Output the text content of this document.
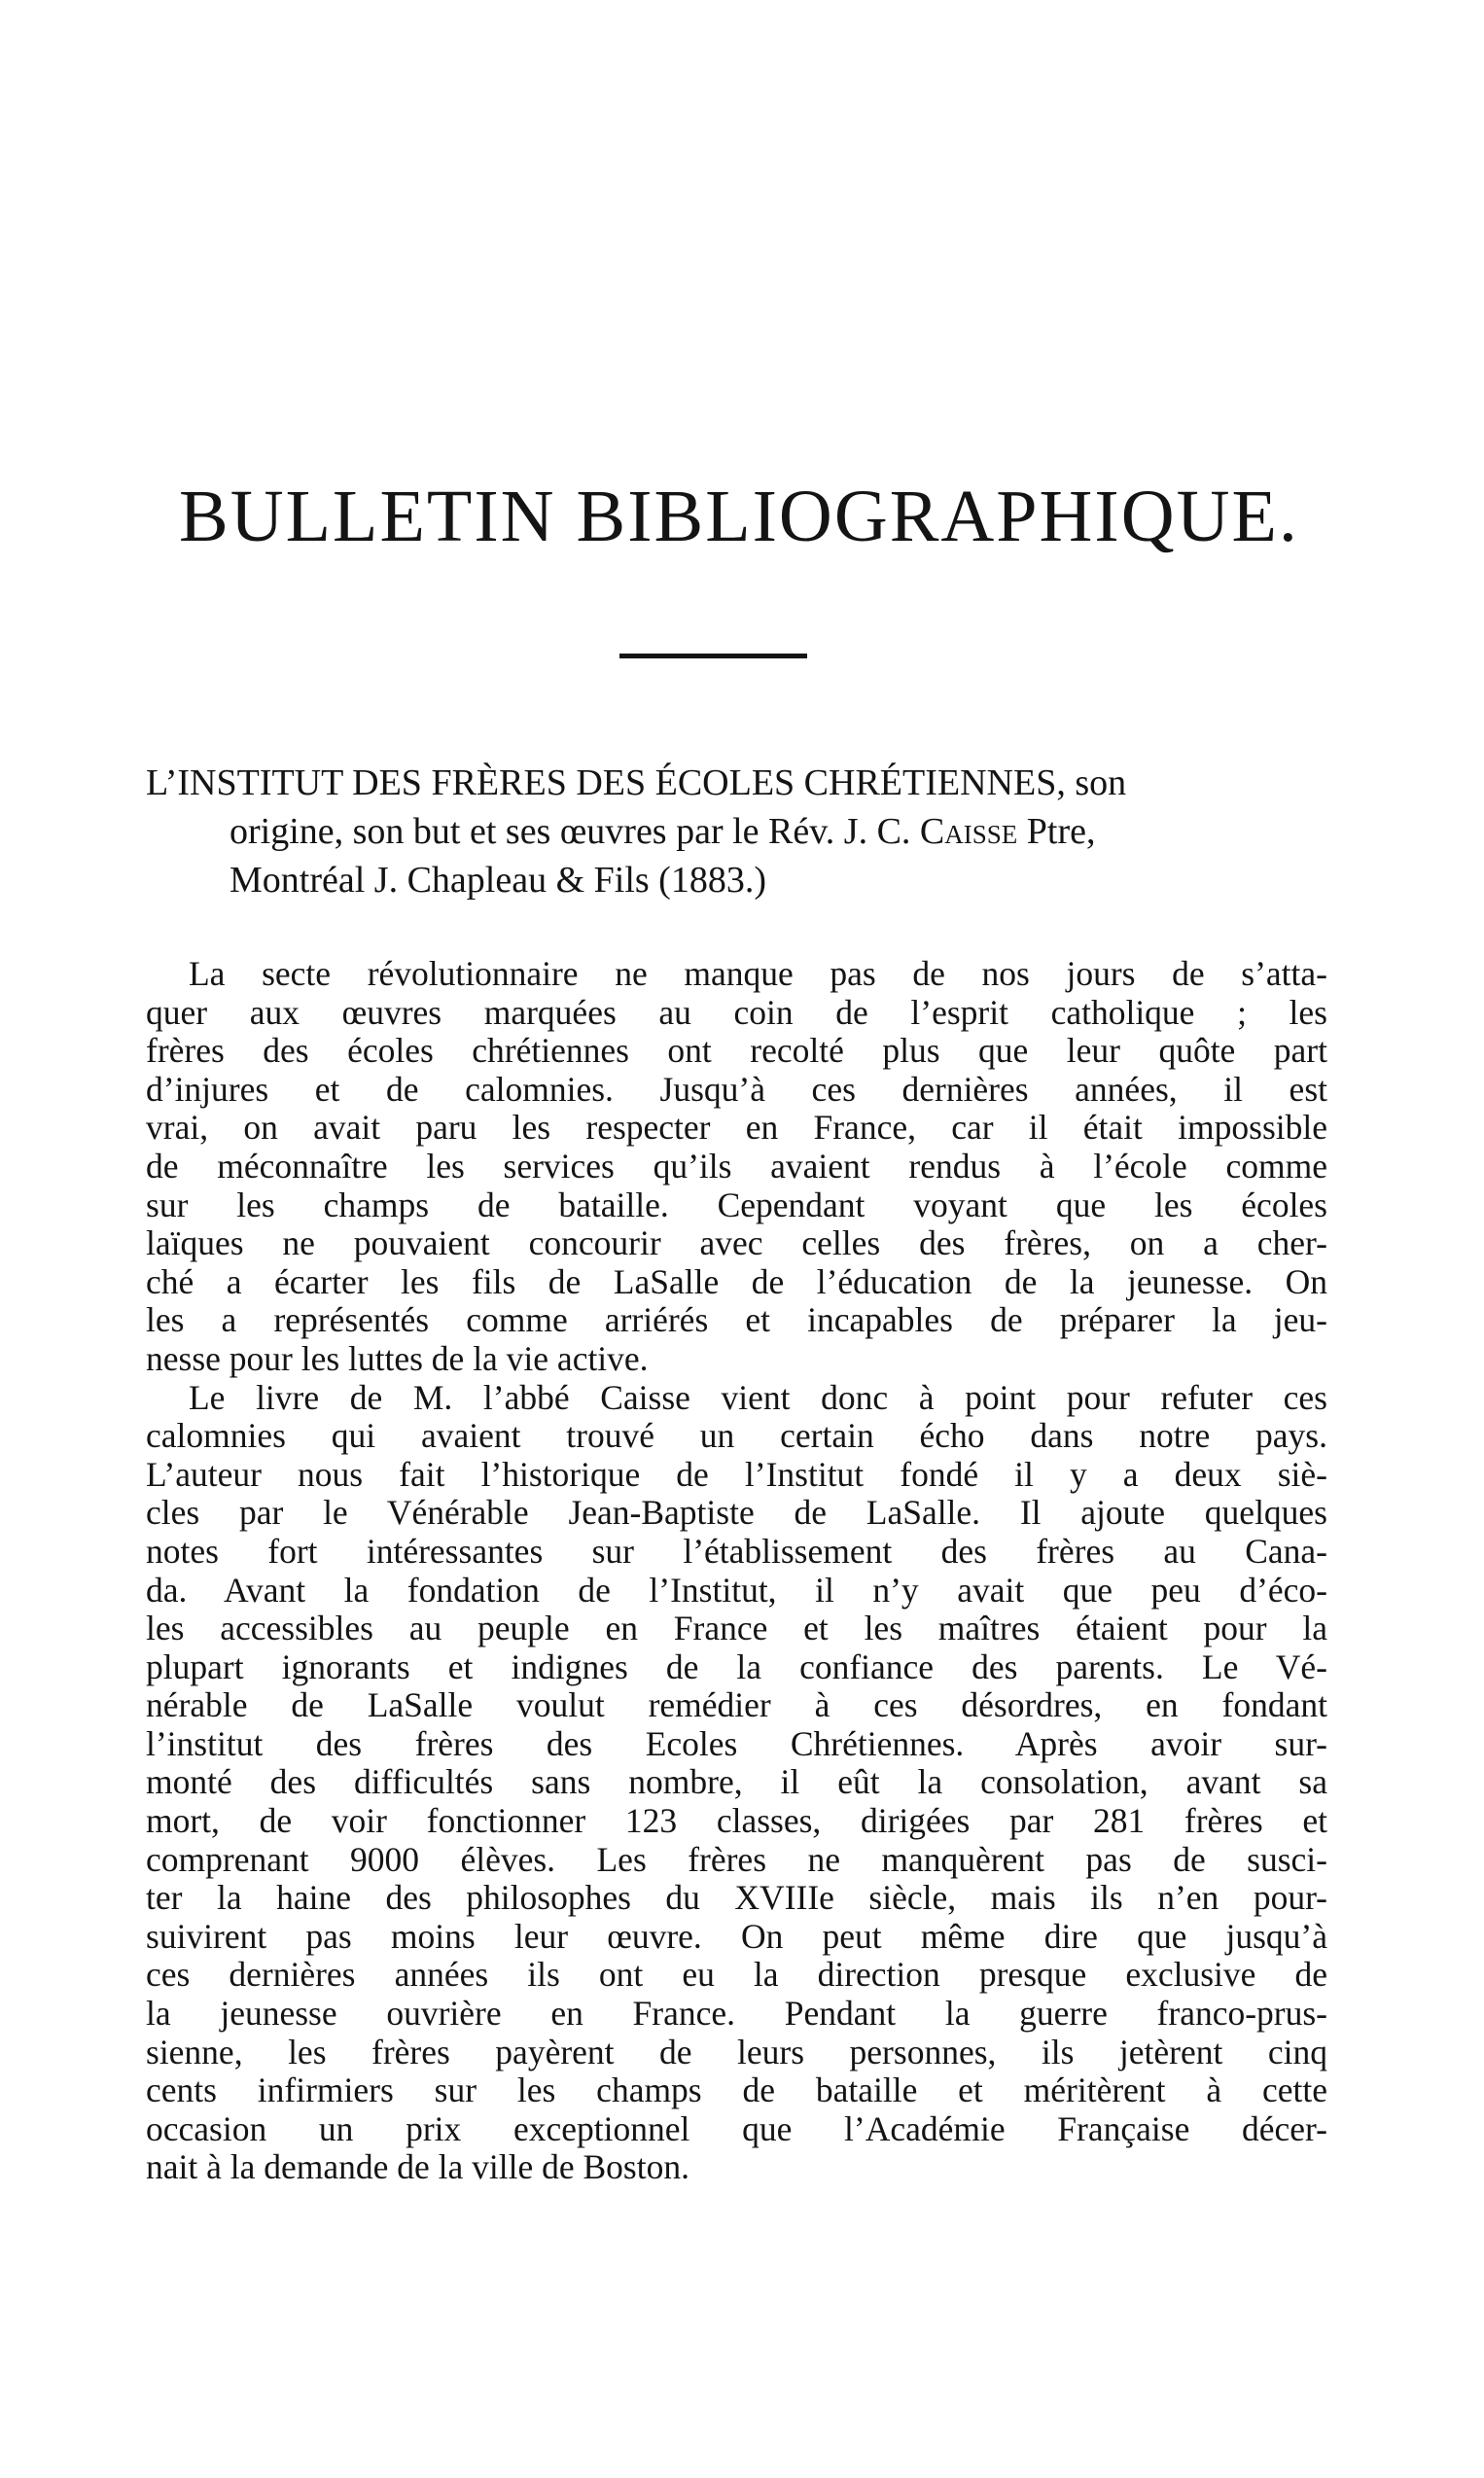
BULLETIN BIBLIOGRAPHIQUE.
L’INSTITUT DES FRÈRES DES ÉCOLES CHRÉTIENNES, son
origine, son but et ses œuvres par le Rév. J. C. Caisse Ptre,
Montréal J. Chapleau & Fils (1883.)
La secte révolutionnaire ne manque pas de nos jours de s’atta-
quer aux œuvres marquées au coin de l’esprit catholique ; les
frères des écoles chrétiennes ont recolté plus que leur quôte part
d’injures et de calomnies. Jusqu’à ces dernières années, il est
vrai, on avait paru les respecter en France, car il était impossible
de méconnaître les services qu’ils avaient rendus à l’école comme
sur les champs de bataille. Cependant voyant que les écoles
laïques ne pouvaient concourir avec celles des frères, on a cher-
ché a écarter les fils de LaSalle de l’éducation de la jeunesse. On
les a représentés comme arriérés et incapables de préparer la jeu-
nesse pour les luttes de la vie active.
Le livre de M. l’abbé Caisse vient donc à point pour refuter ces
calomnies qui avaient trouvé un certain écho dans notre pays.
L’auteur nous fait l’historique de l’Institut fondé il y a deux siè-
cles par le Vénérable Jean-Baptiste de LaSalle. Il ajoute quelques
notes fort intéressantes sur l’établissement des frères au Cana-
da. Avant la fondation de l’Institut, il n’y avait que peu d’éco-
les accessibles au peuple en France et les maîtres étaient pour la
plupart ignorants et indignes de la confiance des parents. Le Vé-
nérable de LaSalle voulut remédier à ces désordres, en fondant
l’institut des frères des Ecoles Chrétiennes. Après avoir sur-
monté des difficultés sans nombre, il eût la consolation, avant sa
mort, de voir fonctionner 123 classes, dirigées par 281 frères et
comprenant 9000 élèves. Les frères ne manquèrent pas de susci-
ter la haine des philosophes du XVIIIe siècle, mais ils n’en pour-
suivirent pas moins leur œuvre. On peut même dire que jusqu’à
ces dernières années ils ont eu la direction presque exclusive de
la jeunesse ouvrière en France. Pendant la guerre franco-prus-
sienne, les frères payèrent de leurs personnes, ils jetèrent cinq
cents infirmiers sur les champs de bataille et méritèrent à cette
occasion un prix exceptionnel que l’Académie Française décer-
nait à la demande de la ville de Boston.
